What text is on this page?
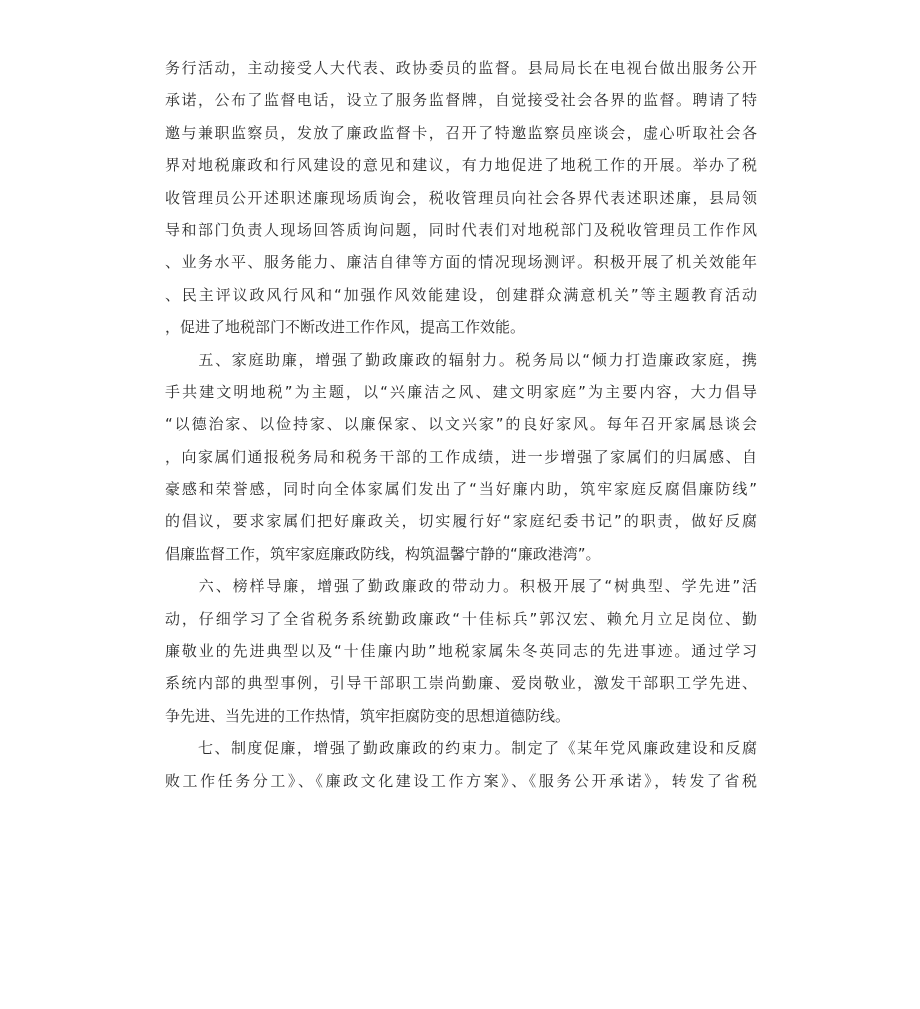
务行活动，主动接受人大代表、政协委员的监督。县局局长在电视台做出服务公开
承诺，公布了监督电话，设立了服务监督牌，自觉接受社会各界的监督。聘请了特
邀与兼职监察员，发放了廉政监督卡，召开了特邀监察员座谈会，虚心听取社会各
界对地税廉政和行风建设的意见和建议，有力地促进了地税工作的开展。举办了税
收管理员公开述职述廉现场质询会，税收管理员向社会各界代表述职述廉，县局领
导和部门负责人现场回答质询问题，同时代表们对地税部门及税收管理员工作作风
、业务水平、服务能力、廉洁自律等方面的情况现场测评。积极开展了机关效能年
、民主评议政风行风和“加强作风效能建设，创建群众满意机关”等主题教育活动
，促进了地税部门不断改进工作作风，提高工作效能。
　　五、家庭助廉，增强了勤政廉政的辐射力。税务局以“倾力打造廉政家庭，携
手共建文明地税”为主题，以“兴廉洁之风、建文明家庭”为主要内容，大力倡导
“以德治家、以俭持家、以廉保家、以文兴家”的良好家风。每年召开家属恳谈会
，向家属们通报税务局和税务干部的工作成绩，进一步增强了家属们的归属感、自
豪感和荣誉感，同时向全体家属们发出了“当好廉内助，筑牢家庭反腐倡廉防线”
的倡议，要求家属们把好廉政关，切实履行好“家庭纪委书记”的职责，做好反腐
倡廉监督工作，筑牢家庭廉政防线，构筑温馨宁静的“廉政港湾”。
　　六、榜样导廉，增强了勤政廉政的带动力。积极开展了“树典型、学先进”活
动，仔细学习了全省税务系统勤政廉政“十佳标兵”郭汉宏、赖允月立足岗位、勤
廉敬业的先进典型以及“十佳廉内助”地税家属朱冬英同志的先进事迹。通过学习
系统内部的典型事例，引导干部职工崇尚勤廉、爱岗敬业，激发干部职工学先进、
争先进、当先进的工作热情，筑牢拒腐防变的思想道德防线。
　　七、制度促廉，增强了勤政廉政的约束力。制定了《某年党风廉政建设和反腐
败工作任务分工》、《廉政文化建设工作方案》、《服务公开承诺》，转发了省税
